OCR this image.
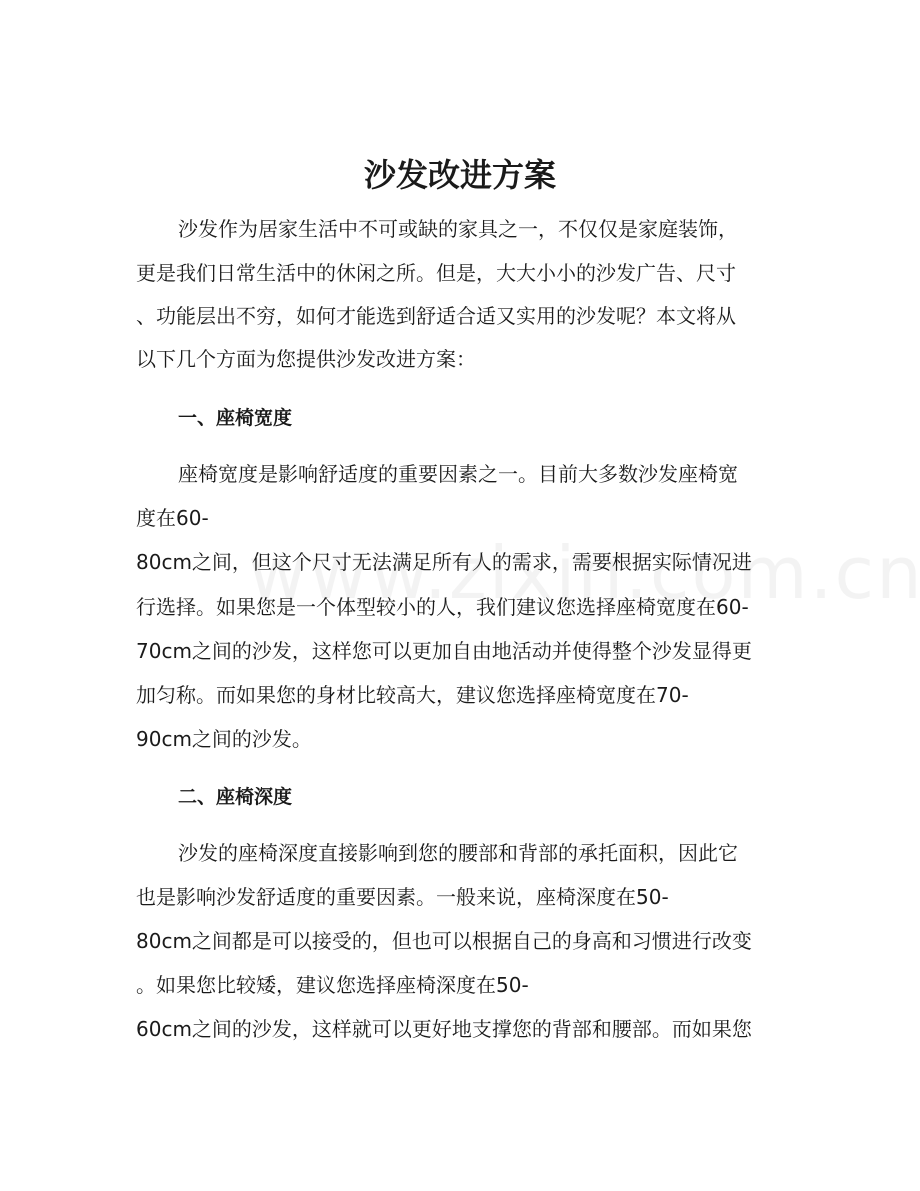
沙发改进方案

沙发作为居家生活中不可或缺的家具之一，不仅仅是家庭装饰，

更是我们日常生活中的休闲之所。但是，大大小小的沙发广告、尺寸

、功能层出不穷，如何才能选到舒适合适又实用的沙发呢？本文将从

以下几个方面为您提供沙发改进方案：

一、座椅宽度

座椅宽度是影响舒适度的重要因素之一。目前大多数沙发座椅宽

度在60-

80cm之间，但这个尺寸无法满足所有人的需求，需要根据实际情况进

行选择。如果您是一个体型较小的人，我们建议您选择座椅宽度在60-

70cm之间的沙发，这样您可以更加自由地活动并使得整个沙发显得更

加匀称。而如果您的身材比较高大，建议您选择座椅宽度在70-

90cm之间的沙发。

二、座椅深度

沙发的座椅深度直接影响到您的腰部和背部的承托面积，因此它

也是影响沙发舒适度的重要因素。一般来说，座椅深度在50-

80cm之间都是可以接受的，但也可以根据自己的身高和习惯进行改变

。如果您比较矮，建议您选择座椅深度在50-

60cm之间的沙发，这样就可以更好地支撑您的背部和腰部。而如果您
